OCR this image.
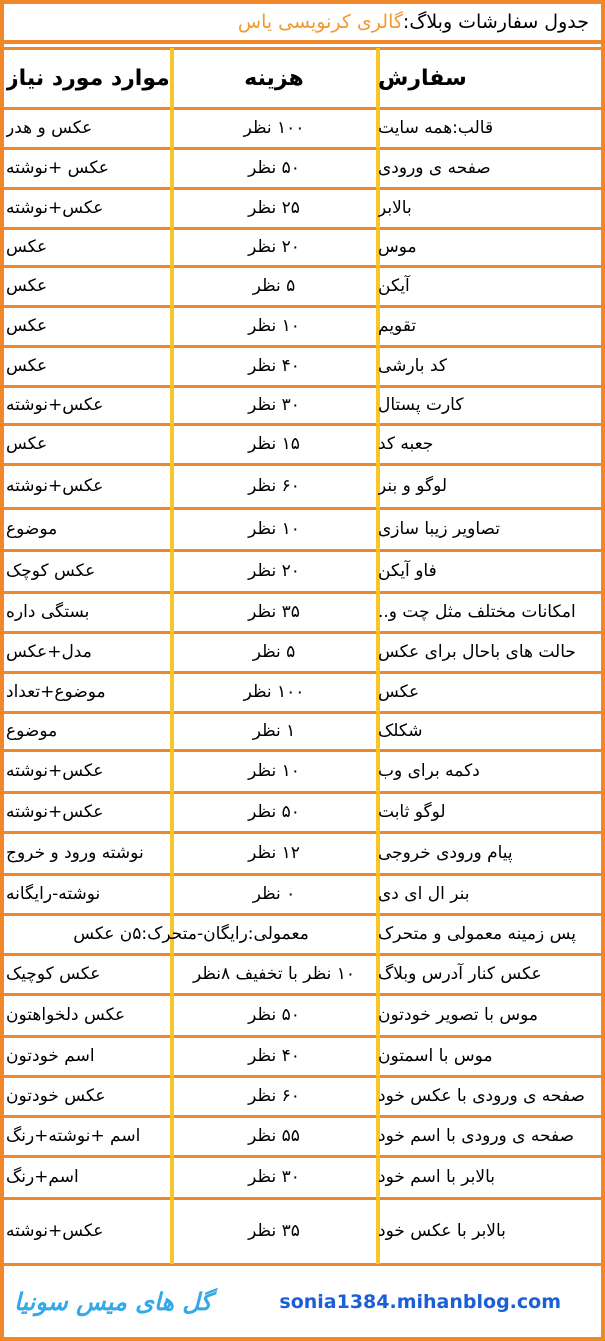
جدول سفارشات وبلاگ:
گالری کرنویسی یاس
سفارش
هزینه
موارد مورد نیاز
قالب:همه سایت
۱۰۰ نظر
عکس و هدر
صفحه ی ورودی
۵۰ نظر
عکس +نوشته
بالابر
۲۵ نظر
عکس+نوشته
موس
۲۰ نظر
عکس
آیکن
۵ نظر
عکس
تقویم
۱۰ نظر
عکس
کد بارشی
۴۰ نظر
عکس
کارت پستال
۳۰ نظر
عکس+نوشته
جعبه کد
۱۵ نظر
عکس
لوگو و بنر
۶۰ نظر
عکس+نوشته
تصاویر زیبا سازی
۱۰ نظر
موضوع
فاو آیکن
۲۰ نظر
عکس کوچک
امکانات مختلف مثل چت و..
۳۵ نظر
بستگی داره
حالت های باحال برای عکس
۵ نظر
مدل+عکس
عکس
۱۰۰ نظر
موضوع+تعداد
شکلک
۱ نظر
موضوع
دکمه برای وب
۱۰ نظر
عکس+نوشته
لوگو ثابت
۵۰ نظر
عکس+نوشته
پیام ورودی خروجی
۱۲ نظر
نوشته ورود و خروج
بنر ال ای دی
۰ نظر
نوشته-رایگانه
پس زمینه معمولی و متحرک
معمولی:رایگان-متحرک:۵ن عکس
عکس کنار آدرس وبلاگ
۱۰ نظر با تخفیف ۸نظر
عکس کوچیک
موس با تصویر خودتون
۵۰ نظر
عکس دلخواهتون
موس با اسمتون
۴۰ نظر
اسم خودتون
صفحه ی ورودی با عکس خود
۶۰ نظر
عکس خودتون
صفحه ی ورودی با اسم خود
۵۵ نظر
اسم +نوشته+رنگ
بالابر با اسم خود
۳۰ نظر
اسم+رنگ
بالابر با عکس خود
۳۵ نظر
عکس+نوشته
گل های میس سونیا	sonia1384.mihanblog.com
